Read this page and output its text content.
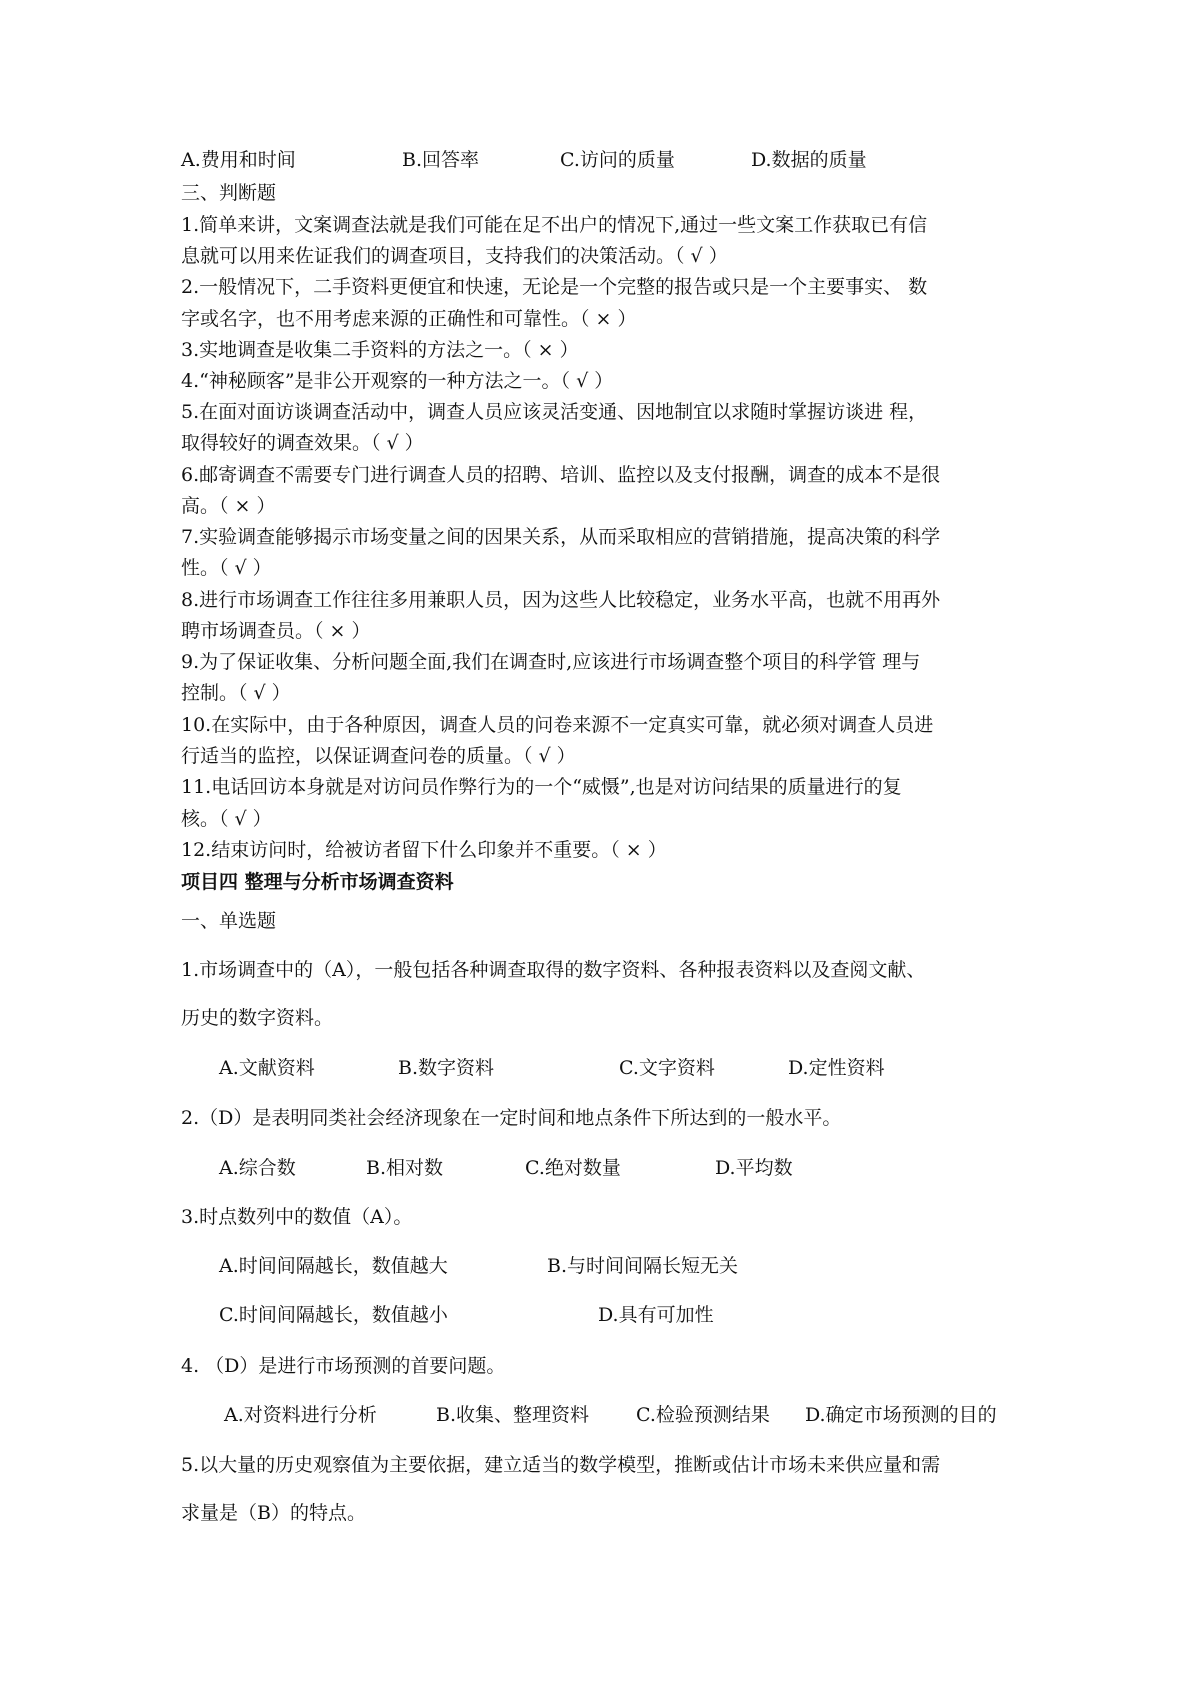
A.费用和时间	B.回答率	C.访问的质量	D.数据的质量
三、判断题
1.简单来讲，文案调查法就是我们可能在足不出户的情况下,通过一些文案工作获取已有信
息就可以用来佐证我们的调查项目，支持我们的决策活动。（ √ ）
2.一般情况下，二手资料更便宜和快速，无论是一个完整的报告或只是一个主要事实、 数
字或名字，也不用考虑来源的正确性和可靠性。（ × ）
3.实地调查是收集二手资料的方法之一。（ × ）
4.“神秘顾客”是非公开观察的一种方法之一。（ √ ）
5.在面对面访谈调查活动中，调查人员应该灵活变通、因地制宜以求随时掌握访谈进 程，
取得较好的调查效果。（ √ ）
6.邮寄调查不需要专门进行调查人员的招聘、培训、监控以及支付报酬，调查的成本不是很
高。（ × ）
7.实验调查能够揭示市场变量之间的因果关系，从而采取相应的营销措施，提高决策的科学
性。（ √ ）
8.进行市场调查工作往往多用兼职人员，因为这些人比较稳定，业务水平高，也就不用再外
聘市场调查员。（ × ）
9.为了保证收集、分析问题全面,我们在调查时,应该进行市场调查整个项目的科学管 理与
控制。（ √ ）
10.在实际中，由于各种原因，调查人员的问卷来源不一定真实可靠，就必须对调查人员进
行适当的监控，以保证调查问卷的质量。（ √ ）
11.电话回访本身就是对访问员作弊行为的一个“威慑”,也是对访问结果的质量进行的复
核。（ √ ）
12.结束访问时，给被访者留下什么印象并不重要。（ × ）
项目四 整理与分析市场调查资料
一、单选题
1.市场调查中的（A），一般包括各种调查取得的数字资料、各种报表资料以及查阅文献、
历史的数字资料。
A.文献资料	B.数字资料	C.文字资料	D.定性资料
2.（D）是表明同类社会经济现象在一定时间和地点条件下所达到的一般水平。
A.综合数	B.相对数	C.绝对数量	D.平均数
3.时点数列中的数值（A）。
A.时间间隔越长，数值越大	B.与时间间隔长短无关
C.时间间隔越长，数值越小	D.具有可加性
4. （D）是进行市场预测的首要问题。
A.对资料进行分析	B.收集、整理资料 C.检验预测结果 D.确定市场预测的目的
5.以大量的历史观察值为主要依据，建立适当的数学模型，推断或估计市场未来供应量和需
求量是（B）的特点。
